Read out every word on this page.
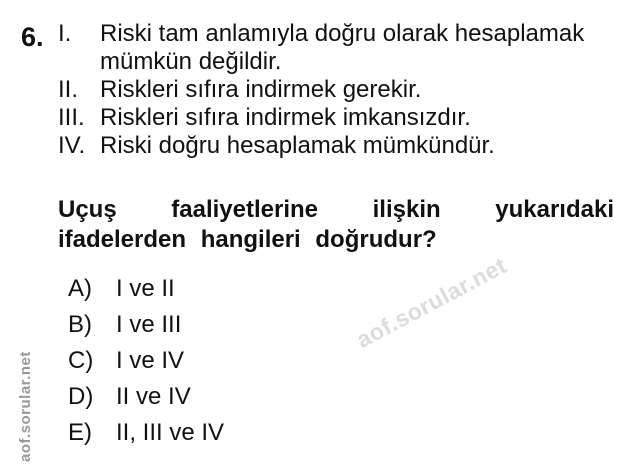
6. I.	Riski tam anlamıyla doğru olarak hesaplamak mümkün değildir.
II. Riskleri sıfıra indirmek gerekir.
III. Riskleri sıfıra indirmek imkansızdır.
IV. Riski doğru hesaplamak mümkündür.

Uçuş faaliyetlerine ilişkin yukarıdaki ifadelerden hangileri doğrudur?

A)	I ve II
B)	I ve III
C) I ve IV
D) II ve IV
E)	II, III ve IV
aof.sorular.net
aof.sorular.net
